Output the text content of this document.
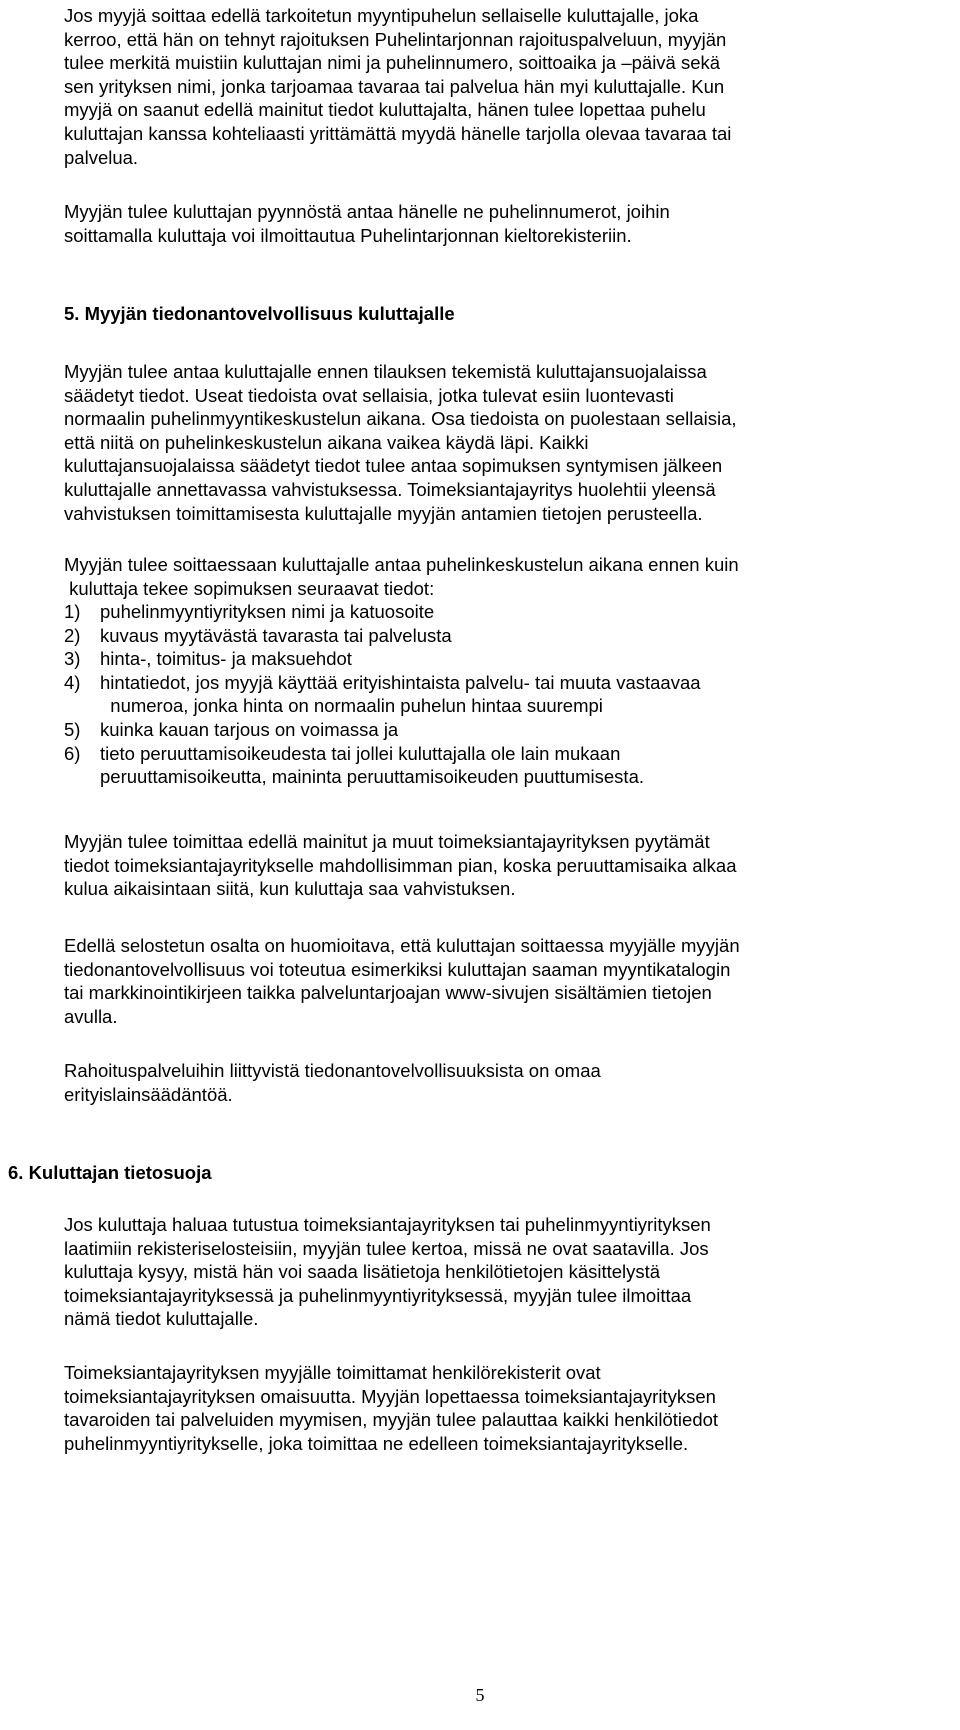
Jos myyjä soittaa edellä tarkoitetun myyntipuhelun sellaiselle kuluttajalle, joka
kerroo, että hän on tehnyt rajoituksen Puhelintarjonnan rajoituspalveluun, myyjän
tulee merkitä muistiin kuluttajan nimi ja puhelinnumero, soittoaika ja –päivä sekä
sen yrityksen nimi, jonka tarjoamaa tavaraa tai palvelua hän myi kuluttajalle. Kun
myyjä on saanut edellä mainitut tiedot kuluttajalta, hänen tulee lopettaa puhelu
kuluttajan kanssa kohteliaasti yrittämättä myydä hänelle tarjolla olevaa tavaraa tai
palvelua.

Myyjän tulee kuluttajan pyynnöstä antaa hänelle ne puhelinnumerot, joihin
soittamalla kuluttaja voi ilmoittautua Puhelintarjonnan kieltorekisteriin.

5. Myyjän tiedonantovelvollisuus kuluttajalle

Myyjän tulee antaa kuluttajalle ennen tilauksen tekemistä kuluttajansuojalaissa
säädetyt tiedot. Useat tiedoista ovat sellaisia, jotka tulevat esiin luontevasti
normaalin puhelinmyyntikeskustelun aikana. Osa tiedoista on puolestaan sellaisia,
että niitä on puhelinkeskustelun aikana vaikea käydä läpi. Kaikki
kuluttajansuojalaissa säädetyt tiedot tulee antaa sopimuksen syntymisen jälkeen
kuluttajalle annettavassa vahvistuksessa. Toimeksiantajayritys huolehtii yleensä
vahvistuksen toimittamisesta kuluttajalle myyjän antamien tietojen perusteella.

Myyjän tulee soittaessaan kuluttajalle antaa puhelinkeskustelun aikana ennen kuin
kuluttaja tekee sopimuksen seuraavat tiedot:

1) puhelinmyyntiyrityksen nimi ja katuosoite
2) kuvaus myytävästä tavarasta tai palvelusta
3) hinta-, toimitus- ja maksuehdot
4) hintatiedot, jos myyjä käyttää erityishintaista palvelu- tai muuta vastaavaa
numeroa, jonka hinta on normaalin puhelun hintaa suurempi
5) kuinka kauan tarjous on voimassa ja
6) tieto peruuttamisoikeudesta tai jollei kuluttajalla ole lain mukaan
peruuttamisoikeutta, maininta peruuttamisoikeuden puuttumisesta.

Myyjän tulee toimittaa edellä mainitut ja muut toimeksiantajayrityksen pyytämät
tiedot toimeksiantajayritykselle mahdollisimman pian, koska peruuttamisaika alkaa
kulua aikaisintaan siitä, kun kuluttaja saa vahvistuksen.

Edellä selostetun osalta on huomioitava, että kuluttajan soittaessa myyjälle myyjän
tiedonantovelvollisuus voi toteutua esimerkiksi kuluttajan saaman myyntikatalogin
tai markkinointikirjeen taikka palveluntarjoajan www-sivujen sisältämien tietojen
avulla.

Rahoituspalveluihin liittyvistä tiedonantovelvollisuuksista on omaa
erityislainsäädäntöä.

6. Kuluttajan tietosuoja

Jos kuluttaja haluaa tutustua toimeksiantajayrityksen tai puhelinmyyntiyrityksen
laatimiin rekisteriselosteisiin, myyjän tulee kertoa, missä ne ovat saatavilla. Jos
kuluttaja kysyy, mistä hän voi saada lisätietoja henkilötietojen käsittelystä
toimeksiantajayrityksessä ja puhelinmyyntiyrityksessä, myyjän tulee ilmoittaa
nämä tiedot kuluttajalle.

Toimeksiantajayrityksen myyjälle toimittamat henkilörekisterit ovat
toimeksiantajayrityksen omaisuutta. Myyjän lopettaessa toimeksiantajayrityksen
tavaroiden tai palveluiden myymisen, myyjän tulee palauttaa kaikki henkilötiedot
puhelinmyyntiyritykselle, joka toimittaa ne edelleen toimeksiantajayritykselle.

5
